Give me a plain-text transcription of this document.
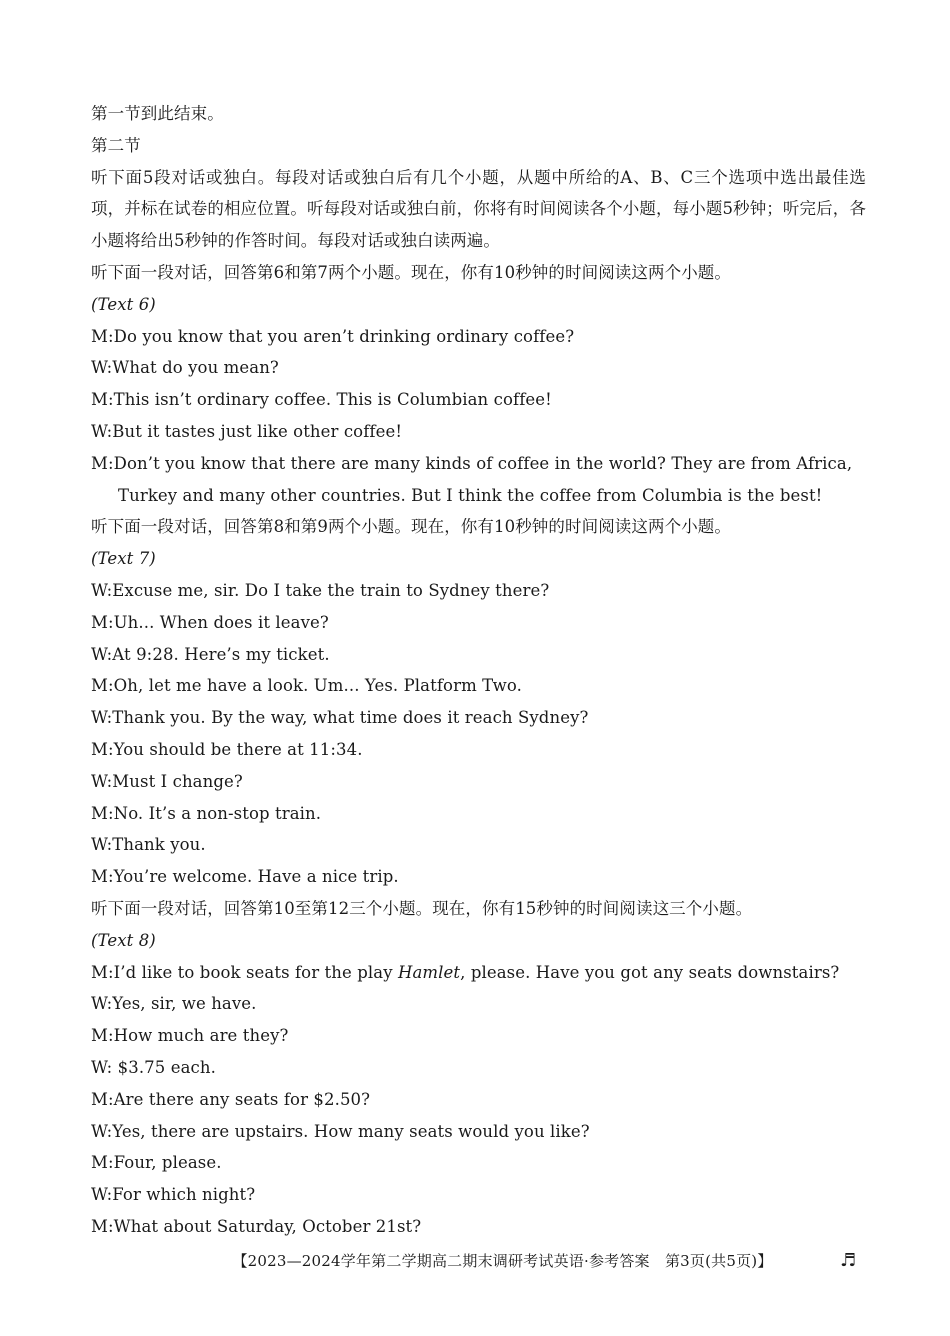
第一节到此结束。
第二节
听下面5段对话或独白。每段对话或独白后有几个小题，从题中所给的A、B、C三个选项中选出最佳选项，并标在试卷的相应位置。听每段对话或独白前，你将有时间阅读各个小题，每小题5秒钟；听完后，各小题将给出5秒钟的作答时间。每段对话或独白读两遍。
听下面一段对话，回答第6和第7两个小题。现在，你有10秒钟的时间阅读这两个小题。
(Text 6)
M:Do you know that you aren’t drinking ordinary coffee?
W:What do you mean?
M:This isn’t ordinary coffee. This is Columbian coffee!
W:But it tastes just like other coffee!
M:Don’t you know that there are many kinds of coffee in the world? They are from Africa,
Turkey and many other countries. But I think the coffee from Columbia is the best!
听下面一段对话，回答第8和第9两个小题。现在，你有10秒钟的时间阅读这两个小题。
(Text 7)
W:Excuse me, sir. Do I take the train to Sydney there?
M:Uh... When does it leave?
W:At 9:28. Here’s my ticket.
M:Oh, let me have a look. Um... Yes. Platform Two.
W:Thank you. By the way, what time does it reach Sydney?
M:You should be there at 11:34.
W:Must I change?
M:No. It’s a non-stop train.
W:Thank you.
M:You’re welcome. Have a nice trip.
听下面一段对话，回答第10至第12三个小题。现在，你有15秒钟的时间阅读这三个小题。
(Text 8)
M:I’d like to book seats for the play Hamlet, please. Have you got any seats downstairs?
W:Yes, sir, we have.
M:How much are they?
W: $3.75 each.
M:Are there any seats for $2.50?
W:Yes, there are upstairs. How many seats would you like?
M:Four, please.
W:For which night?
M:What about Saturday, October 21st?
【2023—2024学年第二学期高二期末调研考试英语·参考答案　第3页(共5页)】	♬
